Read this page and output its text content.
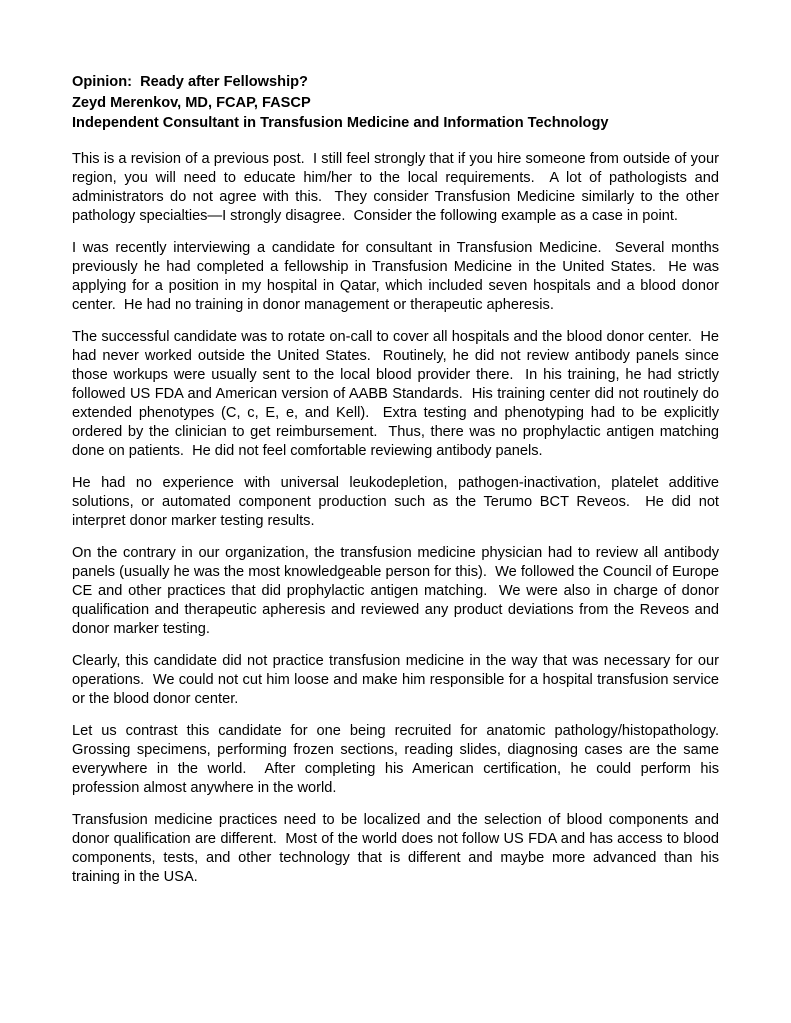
Opinion:  Ready after Fellowship?
Zeyd Merenkov, MD, FCAP, FASCP
Independent Consultant in Transfusion Medicine and Information Technology

This is a revision of a previous post.  I still feel strongly that if you hire someone from outside of your region, you will need to educate him/her to the local requirements.  A lot of pathologists and administrators do not agree with this.  They consider Transfusion Medicine similarly to the other pathology specialties—I strongly disagree.  Consider the following example as a case in point.

I was recently interviewing a candidate for consultant in Transfusion Medicine.  Several months previously he had completed a fellowship in Transfusion Medicine in the United States.  He was applying for a position in my hospital in Qatar, which included seven hospitals and a blood donor center.  He had no training in donor management or therapeutic apheresis.

The successful candidate was to rotate on-call to cover all hospitals and the blood donor center.  He had never worked outside the United States.  Routinely, he did not review antibody panels since those workups were usually sent to the local blood provider there.  In his training, he had strictly followed US FDA and American version of AABB Standards.  His training center did not routinely do extended phenotypes (C, c, E, e, and Kell).  Extra testing and phenotyping had to be explicitly ordered by the clinician to get reimbursement.  Thus, there was no prophylactic antigen matching done on patients.  He did not feel comfortable reviewing antibody panels.

He had no experience with universal leukodepletion, pathogen-inactivation, platelet additive solutions, or automated component production such as the Terumo BCT Reveos.  He did not interpret donor marker testing results.

On the contrary in our organization, the transfusion medicine physician had to review all antibody panels (usually he was the most knowledgeable person for this).  We followed the Council of Europe CE and other practices that did prophylactic antigen matching.  We were also in charge of donor qualification and therapeutic apheresis and reviewed any product deviations from the Reveos and donor marker testing.

Clearly, this candidate did not practice transfusion medicine in the way that was necessary for our operations.  We could not cut him loose and make him responsible for a hospital transfusion service or the blood donor center.

Let us contrast this candidate for one being recruited for anatomic pathology/histopathology.  Grossing specimens, performing frozen sections, reading slides, diagnosing cases are the same everywhere in the world.  After completing his American certification, he could perform his profession almost anywhere in the world.

Transfusion medicine practices need to be localized and the selection of blood components and donor qualification are different.  Most of the world does not follow US FDA and has access to blood components, tests, and other technology that is different and maybe more advanced than his training in the USA.
